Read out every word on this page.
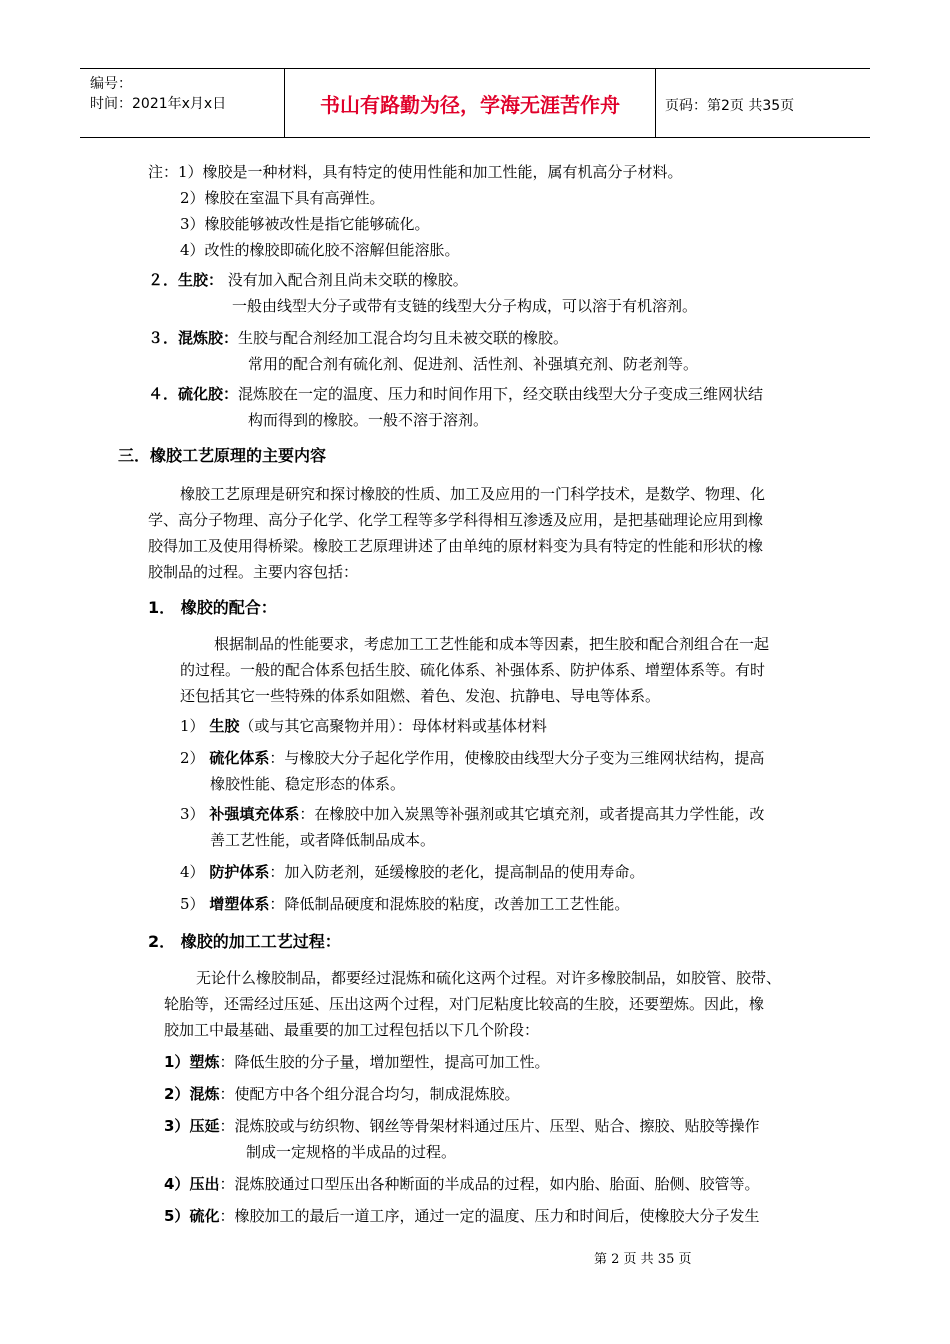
编号：
时间：2021年x月x日	书山有路勤为径，学海无涯苦作舟	页码：第2页 共35页
注：1）橡胶是一种材料，具有特定的使用性能和加工性能，属有机高分子材料。
2）橡胶在室温下具有高弹性。
3）橡胶能够被改性是指它能够硫化。
4）改性的橡胶即硫化胶不溶解但能溶胀。
２．生胶： 没有加入配合剂且尚未交联的橡胶。
一般由线型大分子或带有支链的线型大分子构成，可以溶于有机溶剂。
３．混炼胶：生胶与配合剂经加工混合均匀且未被交联的橡胶。
常用的配合剂有硫化剂、促进剂、活性剂、补强填充剂、防老剂等。
４．硫化胶：混炼胶在一定的温度、压力和时间作用下，经交联由线型大分子变成三维网状结
构而得到的橡胶。一般不溶于溶剂。
三．橡胶工艺原理的主要内容
橡胶工艺原理是研究和探讨橡胶的性质、加工及应用的一门科学技术，是数学、物理、化
学、高分子物理、高分子化学、化学工程等多学科得相互渗透及应用，是把基础理论应用到橡
胶得加工及使用得桥梁。橡胶工艺原理讲述了由单纯的原材料变为具有特定的性能和形状的橡
胶制品的过程。主要内容包括：
1． 橡胶的配合：
根据制品的性能要求，考虑加工工艺性能和成本等因素，把生胶和配合剂组合在一起
的过程。一般的配合体系包括生胶、硫化体系、补强体系、防护体系、增塑体系等。有时
还包括其它一些特殊的体系如阻燃、着色、发泡、抗静电、导电等体系。
1） 生胶（或与其它高聚物并用）：母体材料或基体材料
2） 硫化体系：与橡胶大分子起化学作用，使橡胶由线型大分子变为三维网状结构，提高
橡胶性能、稳定形态的体系。
3） 补强填充体系：在橡胶中加入炭黑等补强剂或其它填充剂，或者提高其力学性能，改
善工艺性能，或者降低制品成本。
4） 防护体系：加入防老剂，延缓橡胶的老化，提高制品的使用寿命。
5） 增塑体系：降低制品硬度和混炼胶的粘度，改善加工工艺性能。
2． 橡胶的加工工艺过程：
无论什么橡胶制品，都要经过混炼和硫化这两个过程。对许多橡胶制品，如胶管、胶带、
轮胎等，还需经过压延、压出这两个过程，对门尼粘度比较高的生胶，还要塑炼。因此，橡
胶加工中最基础、最重要的加工过程包括以下几个阶段：
1）塑炼：降低生胶的分子量，增加塑性，提高可加工性。
2）混炼：使配方中各个组分混合均匀，制成混炼胶。
3）压延：混炼胶或与纺织物、钢丝等骨架材料通过压片、压型、贴合、擦胶、贴胶等操作
制成一定规格的半成品的过程。
4）压出：混炼胶通过口型压出各种断面的半成品的过程，如内胎、胎面、胎侧、胶管等。
5）硫化：橡胶加工的最后一道工序，通过一定的温度、压力和时间后，使橡胶大分子发生
第 2 页 共 35 页
